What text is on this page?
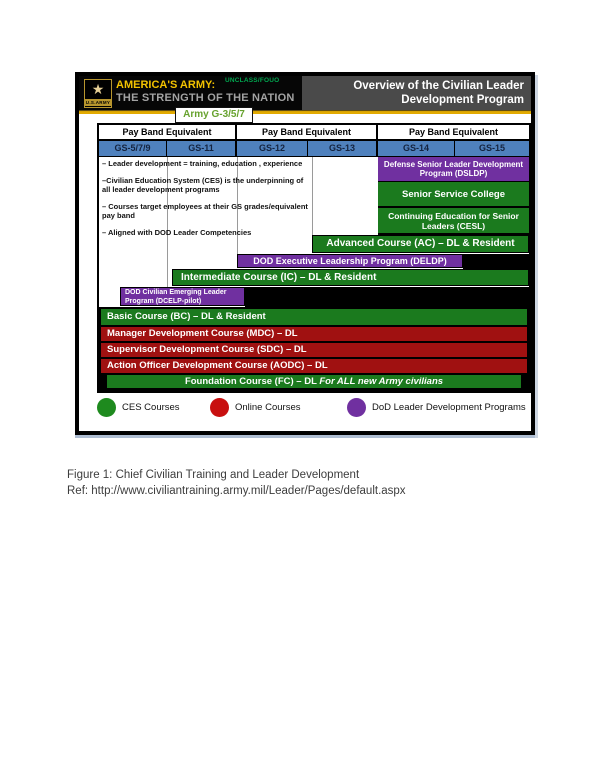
★
U.S.ARMY
AMERICA'S ARMY:
THE STRENGTH OF THE NATION
UNCLASS/FOUO	Overview of the Civilian Leader
Development Program
Army G-3/5/7
Pay Band Equivalent	Pay Band Equivalent	Pay Band Equivalent
GS-5/7/9	GS-11	GS-12	GS-13	GS-14	GS-15
– Leader development = training, education , experience
–Civilian Education System (CES) is the underpinning of all leader development programs
– Courses target employees at their GS grades/equivalent pay band
– Aligned with DOD Leader Competencies
Defense Senior Leader Development Program (DSLDP)
Senior Service College
Continuing Education for Senior Leaders (CESL)
Advanced Course (AC) – DL & Resident
DOD Executive Leadership Program (DELDP)
Intermediate Course (IC) – DL & Resident
DOD Civilian Emerging Leader
Program (DCELP-pilot)
Basic Course (BC) – DL & Resident
Manager Development Course (MDC) – DL
Supervisor Development Course (SDC) – DL
Action Officer Development Course (AODC) – DL
Foundation Course (FC) – DL For ALL new Army civilians
CES Courses	Online Courses	DoD Leader Development Programs
Figure 1: Chief Civilian Training and Leader Development
Ref: http://www.civiliantraining.army.mil/Leader/Pages/default.aspx
